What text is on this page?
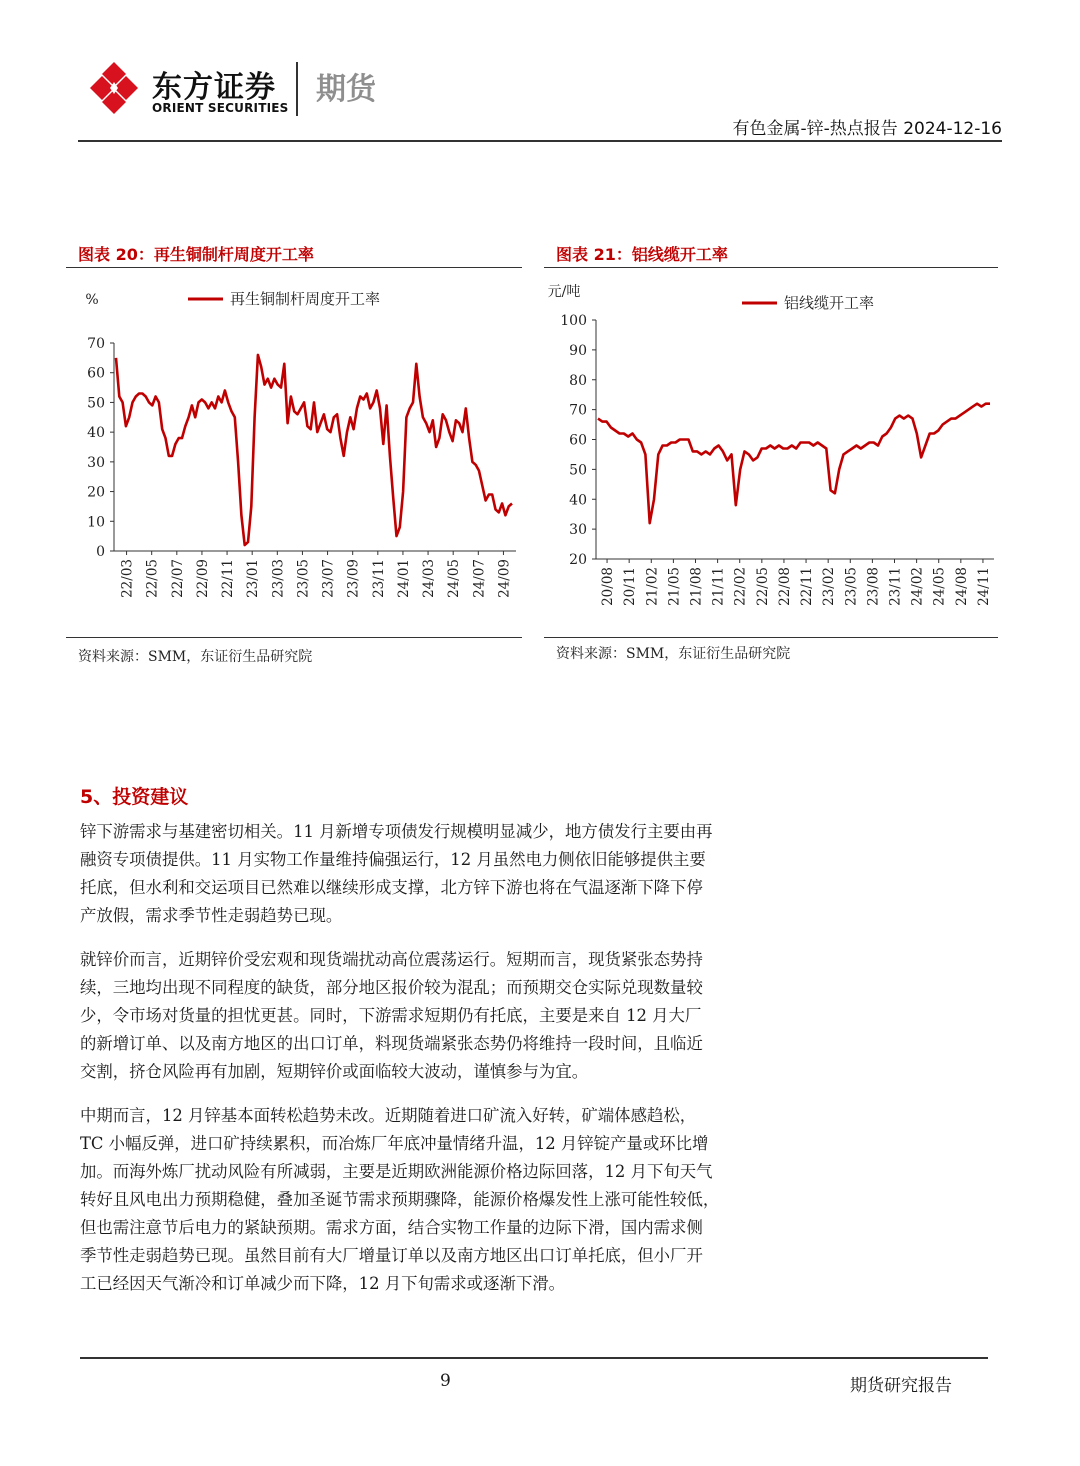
东方证券
ORIENT SECURITIES
期货
有色金属-锌-热点报告 2024-12-16
图表 20：再生铜制杆周度开工率
0
10
20
30
40
50
60
70
22/03 22/05 22/07 22/09 22/11 23/01 23/03 23/05 23/07 23/09 23/11 24/01 24/03 24/05 24/07 24/09
%	再生铜制杆周度开工率
资料来源：SMM，东证衍生品研究院
图表 21：铝线缆开工率
20
30
40
50
60
70
80
90
100
20/08 20/11 21/02 21/05 21/08 21/11 22/02 22/05 22/08 22/11 23/02 23/05 23/08 23/11 24/02 24/05 24/08 24/11
元/吨
铝线缆开工率
资料来源：SMM，东证衍生品研究院
5、投资建议
锌下游需求与基建密切相关。11 月新增专项债发行规模明显减少，地方债发行主要由再
融资专项债提供。11 月实物工作量维持偏强运行，12 月虽然电力侧依旧能够提供主要
托底，但水利和交运项目已然难以继续形成支撑，北方锌下游也将在气温逐渐下降下停
产放假，需求季节性走弱趋势已现。
就锌价而言，近期锌价受宏观和现货端扰动高位震荡运行。短期而言，现货紧张态势持
续，三地均出现不同程度的缺货，部分地区报价较为混乱；而预期交仓实际兑现数量较
少，令市场对货量的担忧更甚。同时，下游需求短期仍有托底，主要是来自 12 月大厂
的新增订单、以及南方地区的出口订单，料现货端紧张态势仍将维持一段时间，且临近
交割，挤仓风险再有加剧，短期锌价或面临较大波动，谨慎参与为宜。
中期而言，12 月锌基本面转松趋势未改。近期随着进口矿流入好转，矿端体感趋松，
TC 小幅反弹，进口矿持续累积，而冶炼厂年底冲量情绪升温，12 月锌锭产量或环比增
加。而海外炼厂扰动风险有所减弱，主要是近期欧洲能源价格边际回落，12 月下旬天气
转好且风电出力预期稳健，叠加圣诞节需求预期骤降，能源价格爆发性上涨可能性较低，
但也需注意节后电力的紧缺预期。需求方面，结合实物工作量的边际下滑，国内需求侧
季节性走弱趋势已现。虽然目前有大厂增量订单以及南方地区出口订单托底，但小厂开
工已经因天气渐冷和订单减少而下降，12 月下旬需求或逐渐下滑。
9	期货研究报告
